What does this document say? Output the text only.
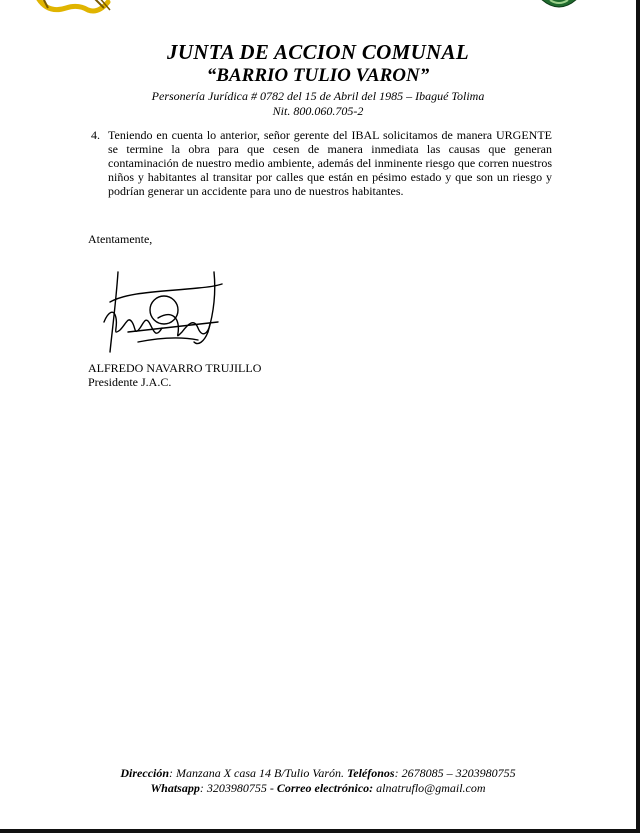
JUNTA DE ACCION COMUNAL
“BARRIO TULIO VARON”
Personería Jurídica # 0782 del 15 de Abril del 1985 – Ibagué Tolima
Nit. 800.060.705-2
4. Teniendo en cuenta lo anterior, señor gerente del IBAL solicitamos de manera URGENTE se termine la obra para que cesen de manera inmediata las causas que generan contaminación de nuestro medio ambiente, además del inminente riesgo que corren nuestros niños y habitantes al transitar por calles que están en pésimo estado y que son un riesgo y podrían generar un accidente para uno de nuestros habitantes.
Atentamente,
ALFREDO NAVARRO TRUJILLO
Presidente J.A.C.
Dirección: Manzana X casa 14 B/Tulio Varón. Teléfonos: 2678085 – 3203980755
Whatsapp: 3203980755 - Correo electrónico: alnatruflo@gmail.com
